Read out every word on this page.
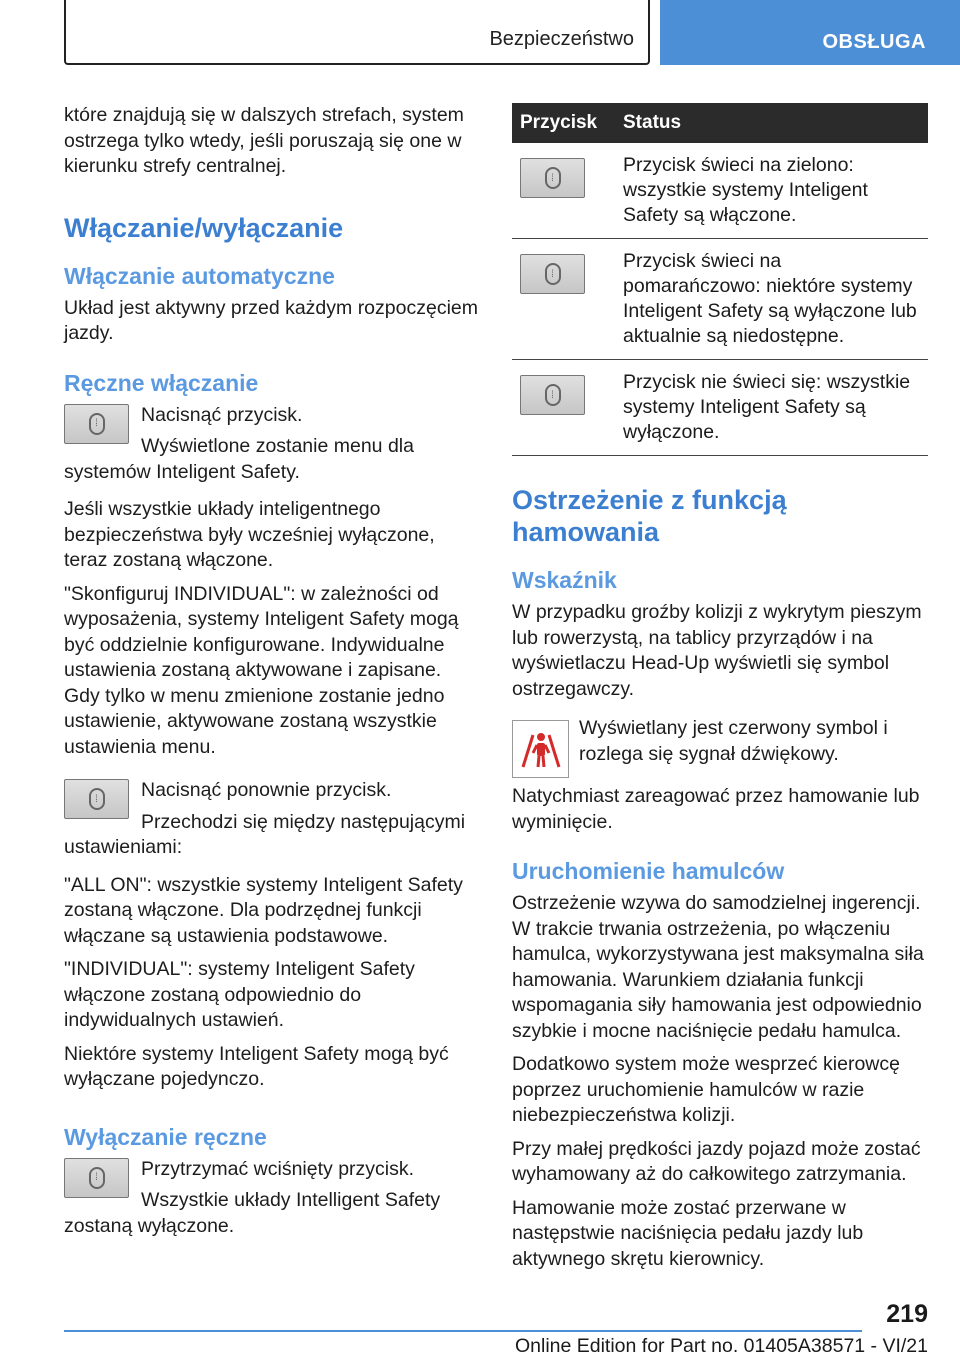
Bezpieczeństwo	OBSŁUGA

które znajdują się w dalszych strefach, system ostrzega tylko wtedy, jeśli poruszają się one w kierunku strefy centralnej.

Włączanie/wyłączanie
Włączanie automatyczne

Układ jest aktywny przed każdym rozpoczęciem jazdy.

Ręczne włączanie
⁞	Nacisnąć przycisk.

Wyświetlone zostanie menu dla systemów Inteligent Safety.

Jeśli wszystkie układy inteligentnego bezpieczeństwa były wcześniej wyłączone, teraz zostaną włączone.

"Skonfiguruj INDIVIDUAL": w zależności od wyposażenia, systemy Inteligent Safety mogą być oddzielnie konfigurowane. Indywidualne ustawienia zostaną aktywowane i zapisane. Gdy tylko w menu zmienione zostanie jedno ustawienie, aktywowane zostaną wszystkie ustawienia menu.

⁞	Nacisnąć ponownie przycisk.

Przechodzi się między następującymi ustawieniami:

"ALL ON": wszystkie systemy Inteligent Safety zostaną włączone. Dla podrzędnej funkcji włączane są ustawienia podstawowe.

"INDIVIDUAL": systemy Inteligent Safety włączone zostaną odpowiednio do indywidualnych ustawień.

Niektóre systemy Inteligent Safety mogą być wyłączane pojedynczo.

Wyłączanie ręczne
⁞	Przytrzymać wciśnięty przycisk.

Wszystkie układy Intelligent Safety zostaną wyłączone.

Przycisk	Status

⁞	Przycisk świeci na zielono: wszystkie systemy Inteligent Safety są włączone.

⁞	Przycisk świeci na pomarańczowo: niektóre systemy Inteligent Safety są wyłączone lub aktualnie są niedostępne.

⁞	Przycisk nie świeci się: wszystkie systemy Inteligent Safety są wyłączone.
Ostrzeżenie z funkcją hamowania
Wskaźnik

W przypadku groźby kolizji z wykrytym pieszym lub rowerzystą, na tablicy przyrządów i na wyświetlaczu Head-Up wyświetli się symbol ostrzegawczy.

Wyświetlany jest czerwony symbol i rozlega się sygnał dźwiękowy.

Natychmiast zareagować przez hamowanie lub wyminięcie.

Uruchomienie hamulców

Ostrzeżenie wzywa do samodzielnej ingerencji. W trakcie trwania ostrzeżenia, po włączeniu hamulca, wykorzystywana jest maksymalna siła hamowania. Warunkiem działania funkcji wspomagania siły hamowania jest odpowiednio szybkie i mocne naciśnięcie pedału hamulca.

Dodatkowo system może wesprzeć kierowcę poprzez uruchomienie hamulców w razie niebezpieczeństwa kolizji.

Przy małej prędkości jazdy pojazd może zostać wyhamowany aż do całkowitego zatrzymania.

Hamowanie może zostać przerwane w następstwie naciśnięcia pedału jazdy lub aktywnego skrętu kierownicy.

219
Online Edition for Part no. 01405A38571 - VI/21
